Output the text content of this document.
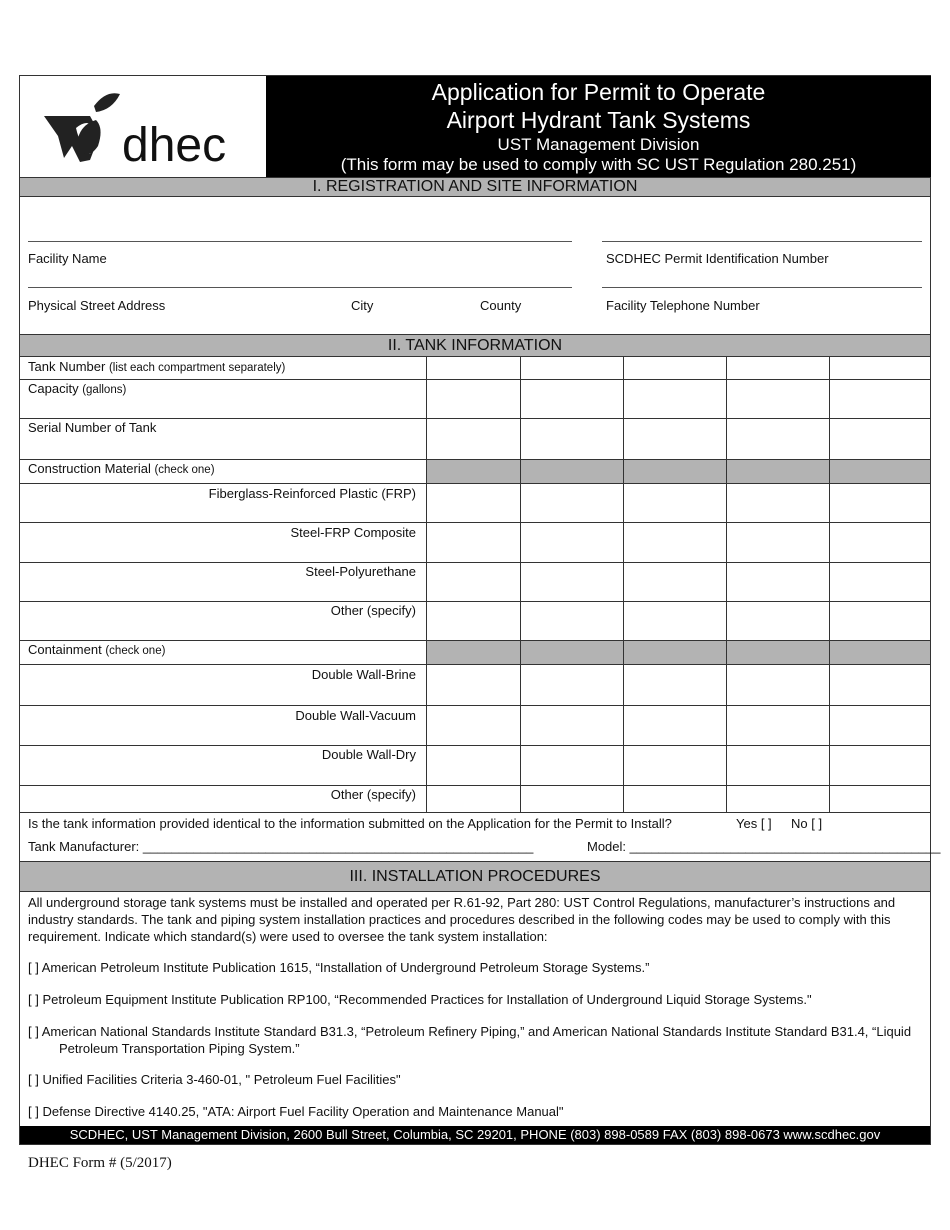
dhec
Application for Permit to Operate
Airport Hydrant Tank Systems
UST Management Division
(This form may be used to comply with SC UST Regulation 280.251)
I. REGISTRATION AND SITE INFORMATION
Facility Name	SCDHEC Permit Identification Number
Physical Street Address	City	County	Facility Telephone Number
II. TANK INFORMATION
Tank Number (list each compartment separately)
Capacity (gallons)
Serial Number of Tank
Construction Material (check one)
Fiberglass-Reinforced Plastic (FRP)
Steel-FRP Composite
Steel-Polyurethane
Other (specify)
Containment (check one)
Double Wall-Brine
Double Wall-Vacuum
Double Wall-Dry
Other (specify)
Is the tank information provided identical to the information submitted on the Application for the Permit to Install?	Yes [ ] No [ ]
Tank Manufacturer: ______________________________________________________	Model: ___________________________________________
III. INSTALLATION PROCEDURES
All underground storage tank systems must be installed and operated per R.61-92, Part 280: UST Control Regulations, manufacturer’s instructions and industry standards. The tank and piping system installation practices and procedures described in the following codes may be used to comply with this requirement. Indicate which standard(s) were used to oversee the tank system installation:
[ ] American Petroleum Institute Publication 1615, “Installation of Underground Petroleum Storage Systems.”
[ ] Petroleum Equipment Institute Publication RP100, “Recommended Practices for Installation of Underground Liquid Storage Systems."
[ ] American National Standards Institute Standard B31.3, “Petroleum Refinery Piping,” and American National Standards Institute Standard B31.4, “Liquid Petroleum Transportation Piping System.”
[ ] Unified Facilities Criteria 3-460-01, " Petroleum Fuel Facilities"
[ ] Defense Directive 4140.25, "ATA: Airport Fuel Facility Operation and Maintenance Manual"
SCDHEC, UST Management Division, 2600 Bull Street, Columbia, SC 29201, PHONE (803) 898-0589 FAX (803) 898-0673 www.scdhec.gov
DHEC Form # (5/2017)
